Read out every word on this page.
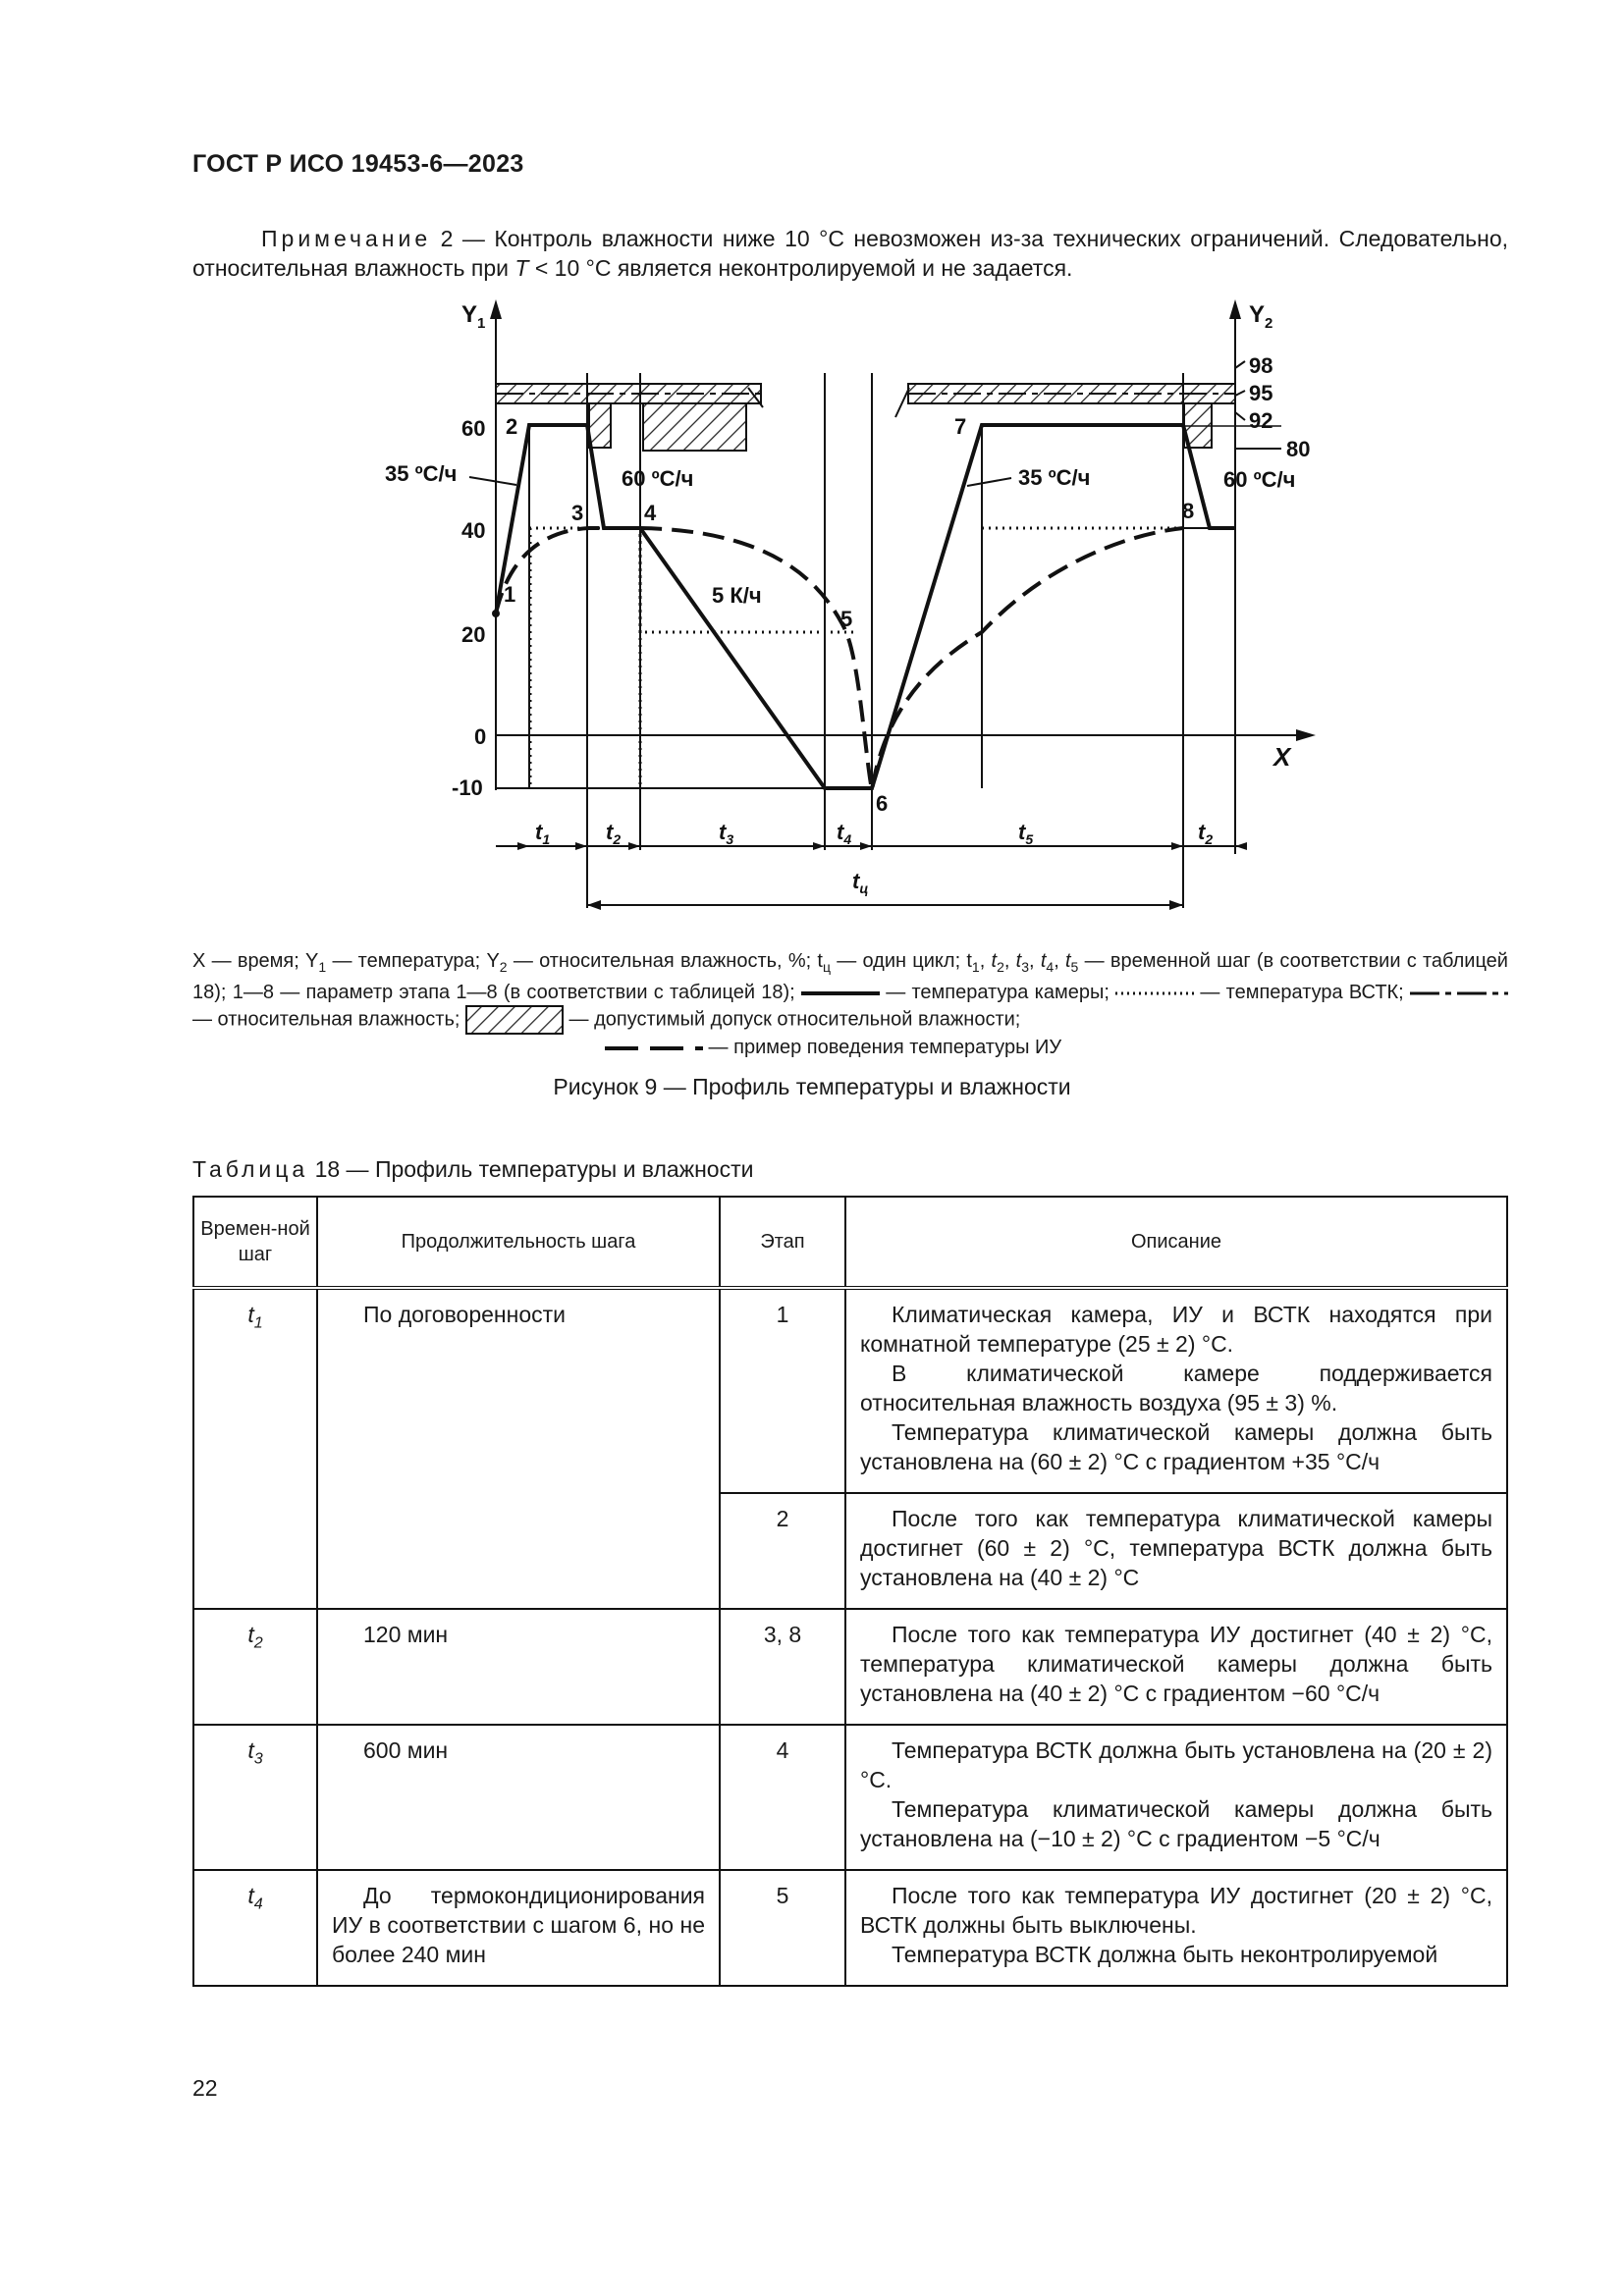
ГОСТ Р ИСО 19453-6—2023
Примечание 2 — Контроль влажности ниже 10 °С невозможен из-за технических ограничений. Следовательно, относительная влажность при T < 10 °С является неконтролируемой и не задается.
$Y_1$	$Y_2$
X
60
40
20
0
-10
98
95
92
80
1
2
3	4
5
6
7
8
35 ºС/ч	60 ºС/ч
5 К/ч
35 ºС/ч	60 ºС/ч
$t_1$	$t_2$	$t_3$	$t_4$	$t_5$	$t_2$
$t_ц$
X — время; $Y_1$ — температура; $Y_2$ — относительная влажность, %; $t_ц$ — один цикл; $t_1$, $t_2$, $t_3$, $t_4$, $t_5$ — временной шаг (в соответствии с таблицей 18); 1—8 — параметр этапа 1—8 (в соответствии с таблицей 18);	— температура камеры;	— температура ВСТК;  — относительная влажность;	— допустимый допуск относительной влажности;
— пример поведения температуры ИУ
Рисунок 9 — Профиль температуры и влажности
Таблица 18 — Профиль температуры и влажности
Времен-ной шаг	Продолжительность шага	Этап	Описание
$t_1$	По договоренности	1	Климатическая камера, ИУ и ВСТК находятся при комнатной температуре (25 ± 2) °С.

В климатической камере поддерживается относительная влажность воздуха (95 ± 3) %.

Температура климатической камеры должна быть установлена на (60 ± 2) °С с градиентом +35 °С/ч

		2	После того как температура климатической камеры достигнет (60 ± 2) °С, температура ВСТК должна быть установлена на (40 ± 2) °С

$t_2$	120 мин	3, 8	После того как температура ИУ достигнет (40 ± 2) °С, температура климатической камеры должна быть установлена на (40 ± 2) °С с градиентом −60 °С/ч

$t_3$	600 мин	4	Температура ВСТК должна быть установлена на (20 ± 2) °С.

Температура климатической камеры должна быть установлена на (−10 ± 2) °С с градиентом −5 °С/ч

$t_4$	До термокондиционирования ИУ в соответствии с шагом 6, но не более 240 мин	5	После того как температура ИУ достигнет (20 ± 2) °С, ВСТК должны быть выключены.

Температура ВСТК должна быть неконтролируемой

22
